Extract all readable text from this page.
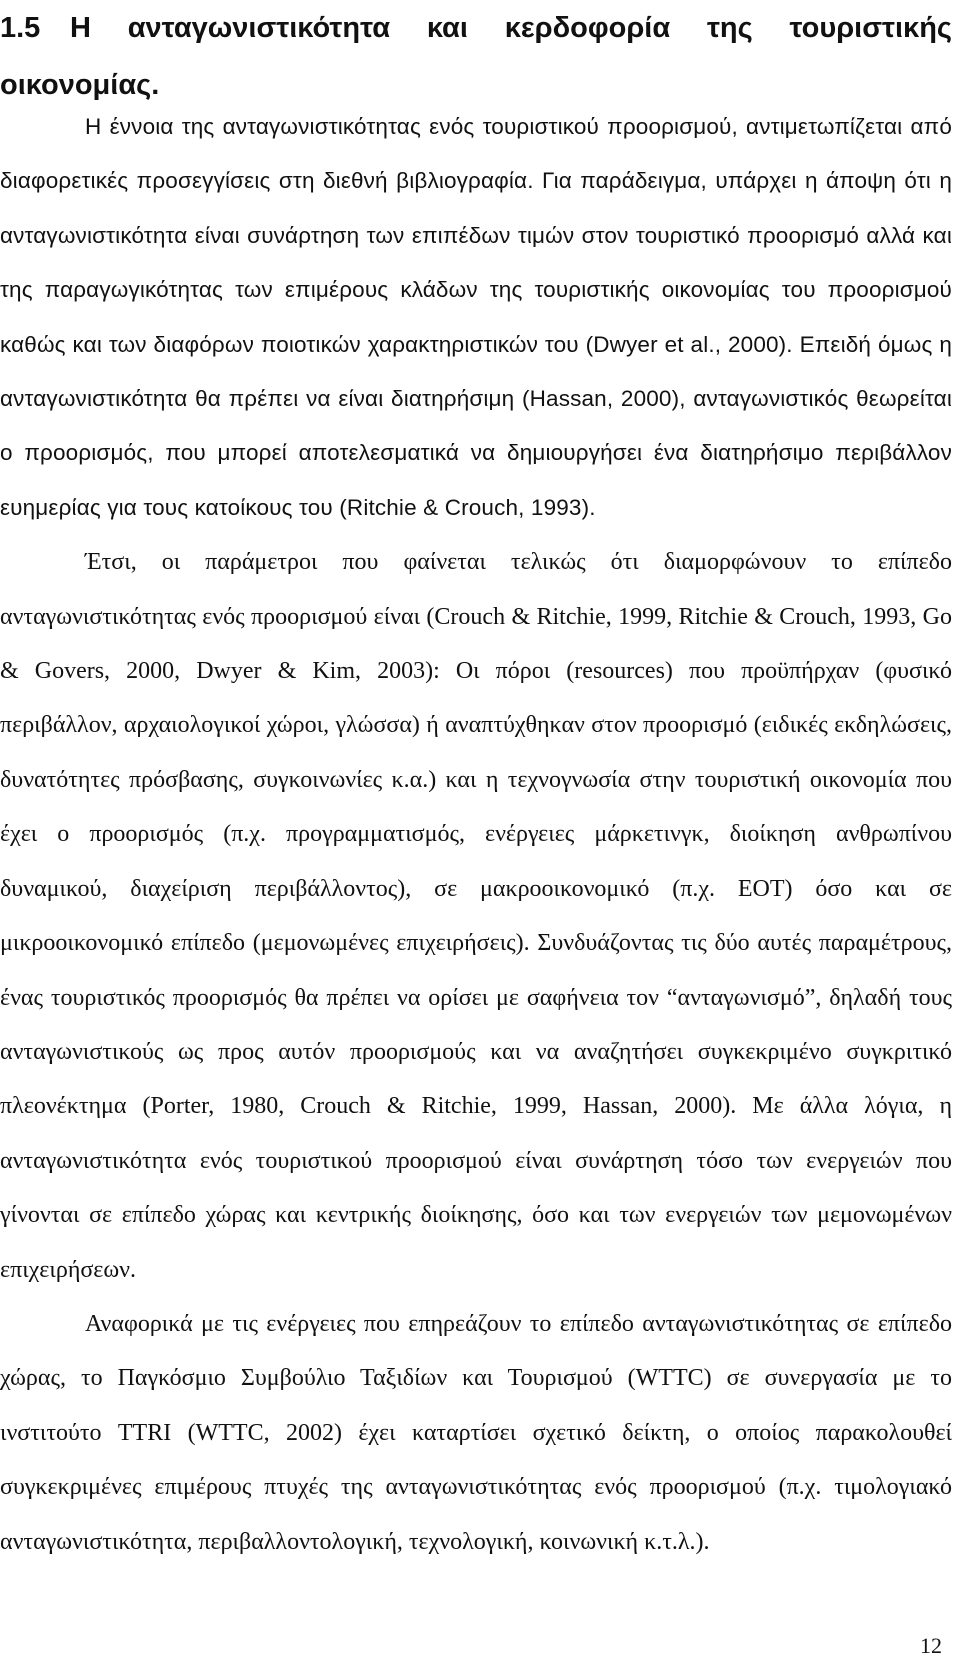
1.5 Η ανταγωνιστικότητα και κερδοφορία της τουριστικής
οικονομίας.

Η έννοια της ανταγωνιστικότητας ενός τουριστικού προορισμού, αντιμετωπίζεται από διαφορετικές προσεγγίσεις στη διεθνή βιβλιογραφία. Για παράδειγμα, υπάρχει η άποψη ότι η ανταγωνιστικότητα είναι συνάρτηση των επιπέδων τιμών στον τουριστικό προορισμό αλλά και της παραγωγικότητας των επιμέρους κλάδων της τουριστικής οικονομίας του προορισμού καθώς και των διαφόρων ποιοτικών χαρακτηριστικών του (Dwyer et al., 2000). Επειδή όμως η ανταγωνιστικότητα θα πρέπει να είναι διατηρήσιμη (Hassan, 2000), ανταγωνιστικός θεωρείται ο προορισμός, που μπορεί αποτελεσματικά να δημιουργήσει ένα διατηρήσιμο περιβάλλον ευημερίας για τους κατοίκους του (Ritchie & Crouch, 1993).

Έτσι, οι παράμετροι που φαίνεται τελικώς ότι διαμορφώνουν το επίπεδο ανταγωνιστικότητας ενός προορισμού είναι (Crouch & Ritchie, 1999, Ritchie & Crouch, 1993, Go & Govers, 2000, Dwyer & Kim, 2003): Οι πόροι (resources) που προϋπήρχαν (φυσικό περιβάλλον, αρχαιολογικοί χώροι, γλώσσα) ή αναπτύχθηκαν στον προορισμό (ειδικές εκδηλώσεις, δυνατότητες πρόσβασης, συγκοινωνίες κ.α.) και η τεχνογνωσία στην τουριστική οικονομία που έχει ο προορισμός (π.χ. προγραμματισμός, ενέργειες μάρκετινγκ, διοίκηση ανθρωπίνου δυναμικού, διαχείριση περιβάλλοντος), σε μακροοικονομικό (π.χ. ΕΟΤ) όσο και σε μικροοικονομικό επίπεδο (μεμονωμένες επιχειρήσεις). Συνδυάζοντας τις δύο αυτές παραμέτρους, ένας τουριστικός προορισμός θα πρέπει να ορίσει με σαφήνεια τον “ανταγωνισμό”, δηλαδή τους ανταγωνιστικούς ως προς αυτόν προορισμούς και να αναζητήσει συγκεκριμένο συγκριτικό πλεονέκτημα (Porter, 1980, Crouch & Ritchie, 1999, Hassan, 2000). Με άλλα λόγια, η ανταγωνιστικότητα ενός τουριστικού προορισμού είναι συνάρτηση τόσο των ενεργειών που γίνονται σε επίπεδο χώρας και κεντρικής διοίκησης, όσο και των ενεργειών των μεμονωμένων επιχειρήσεων.

Αναφορικά με τις ενέργειες που επηρεάζουν το επίπεδο ανταγωνιστικότητας σε επίπεδο χώρας, το Παγκόσμιο Συμβούλιο Ταξιδίων και Τουρισμού (WTTC) σε συνεργασία με το ινστιτούτο TTRI (WTTC, 2002) έχει καταρτίσει σχετικό δείκτη, ο οποίος παρακολουθεί συγκεκριμένες επιμέρους πτυχές της ανταγωνιστικότητας ενός προορισμού (π.χ. τιμολογιακό ανταγωνιστικότητα, περιβαλλοντολογική, τεχνολογική, κοινωνική κ.τ.λ.).

12
